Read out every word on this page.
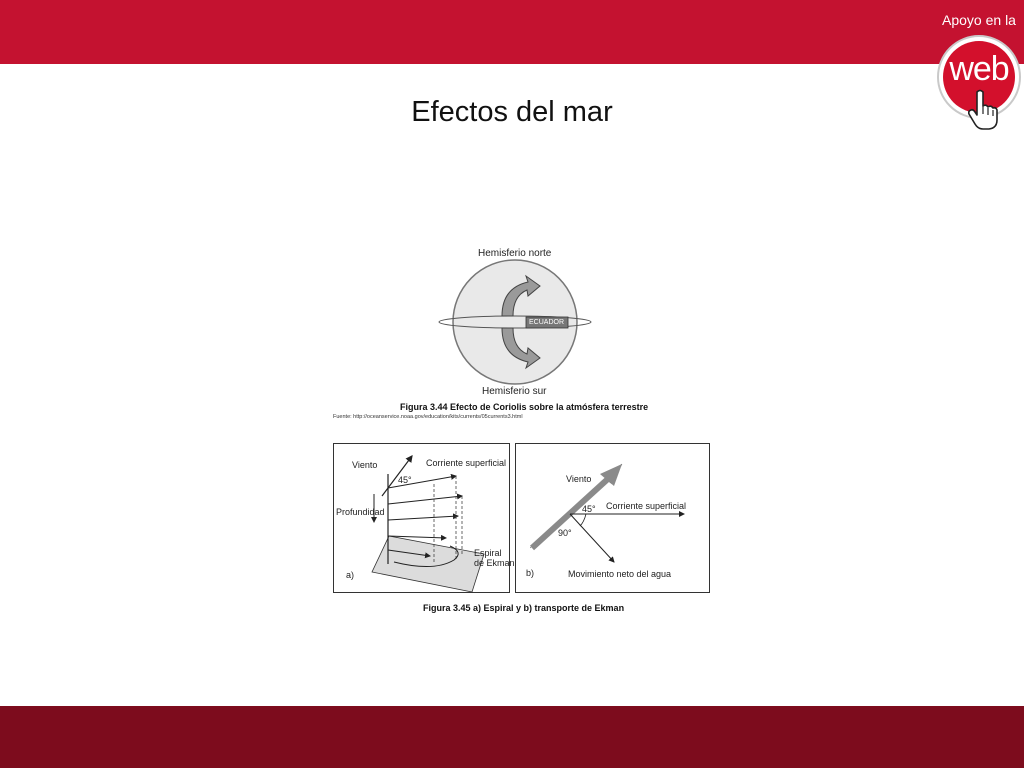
Apoyo en la
web
Efectos del mar
Hemisferio norte
ECUADOR
Hemisferio sur
Figura 3.44 Efecto de Coriolis sobre la atmósfera terrestre
Fuente: http://oceanservice.noaa.gov/education/kits/currents/05currents3.html
Viento	Corriente superficial
45°
Profundidad
Espiral
de Ekman
a)
Viento
45° Corriente superficial
90°
Movimiento neto del agua
b)
Figura 3.45 a) Espiral y b) transporte de Ekman
